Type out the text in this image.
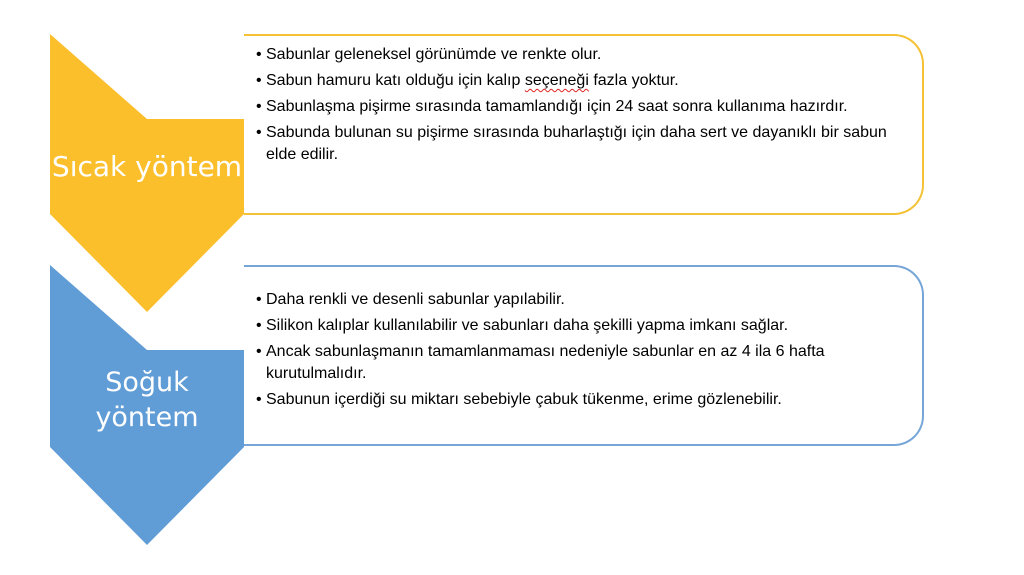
Sıcak yöntem
• Sabunlar geleneksel görünümde ve renkte olur.
• Sabun hamuru katı olduğu için kalıp seçeneği fazla yoktur.
• Sabunlaşma pişirme sırasında tamamlandığı için 24 saat sonra kullanıma hazırdır.
• Sabunda bulunan su pişirme sırasında buharlaştığı için daha sert ve dayanıklı bir sabun elde edilir.
Soğuk
yöntem
• Daha renkli ve desenli sabunlar yapılabilir.
• Silikon kalıplar kullanılabilir ve sabunları daha şekilli yapma imkanı sağlar.
• Ancak sabunlaşmanın tamamlanmaması nedeniyle sabunlar en az 4 ila 6 hafta kurutulmalıdır.
• Sabunun içerdiği su miktarı sebebiyle çabuk tükenme, erime gözlenebilir.
